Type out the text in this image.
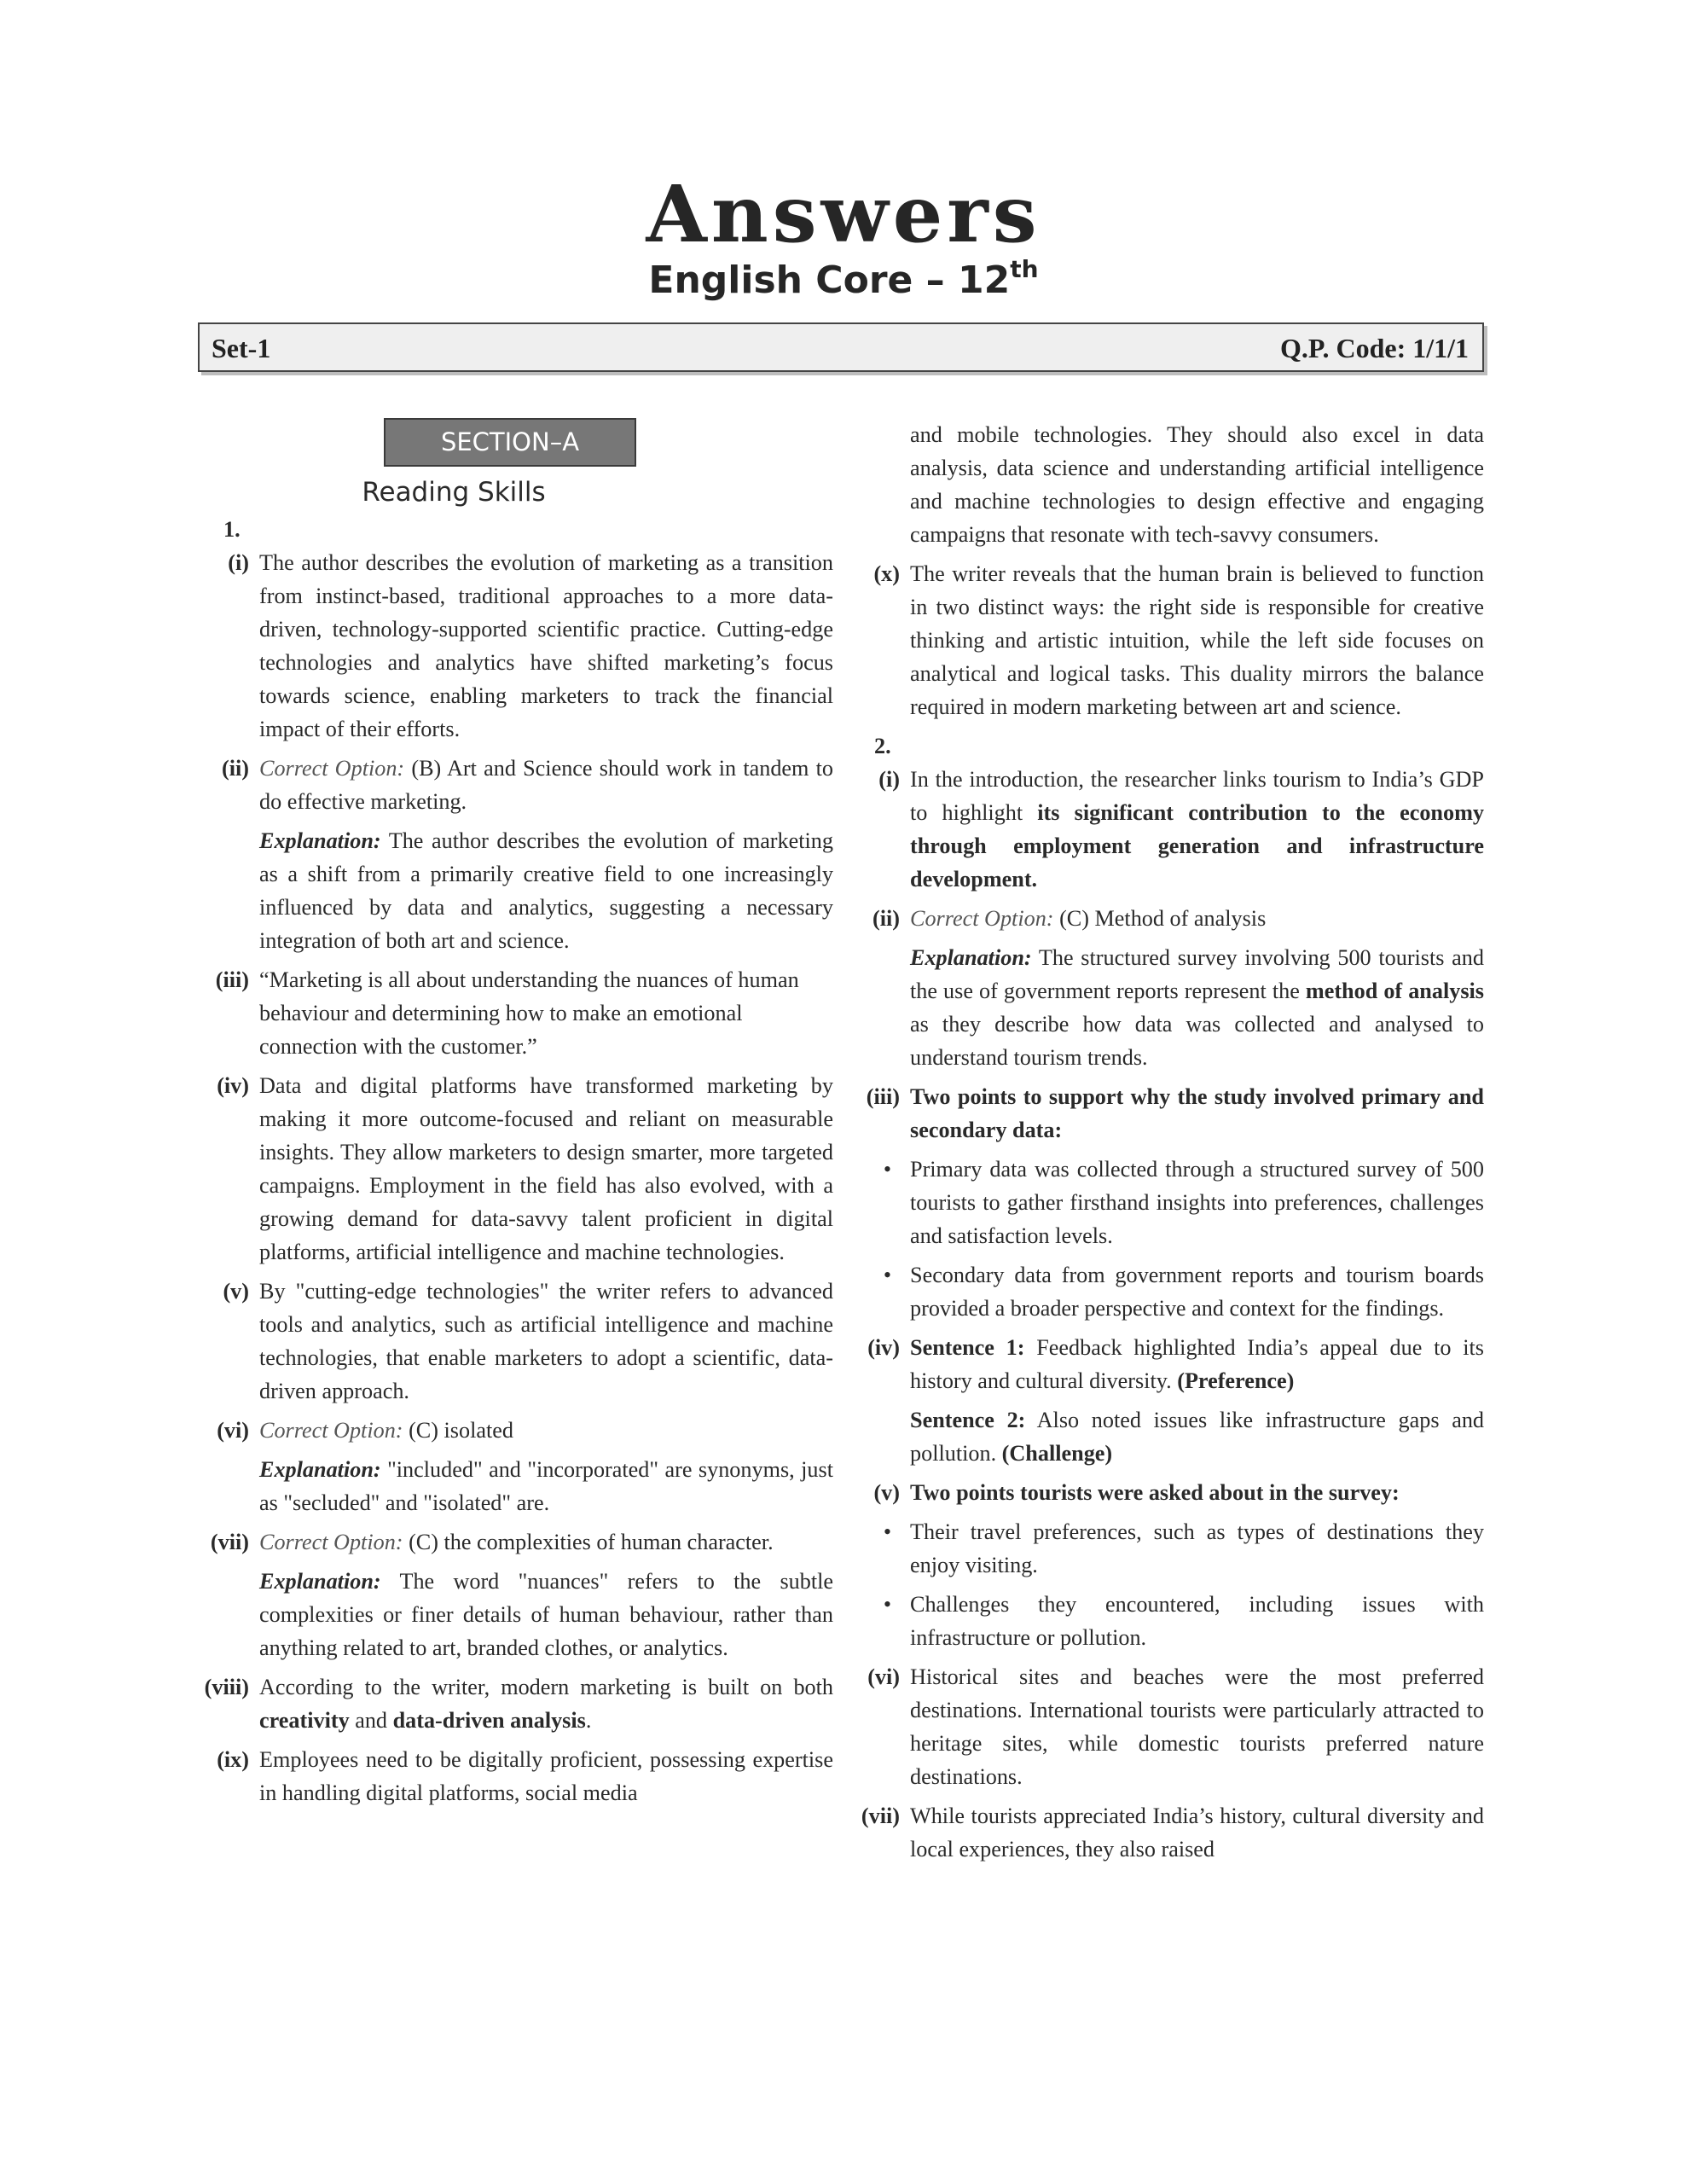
Answers
English Core – 12th
Set-1	Q.P. Code: 1/1/1
SECTION–A
Reading Skills
1.
(i) The author describes the evolution of marketing as a transition from instinct-based, traditional approaches to a more data-driven, technology-supported scientific practice. Cutting-edge technologies and analytics have shifted marketing’s focus towards science, enabling marketers to track the financial impact of their efforts.
(ii) Correct Option: (B) Art and Science should work in tandem to do effective marketing.
Explanation: The author describes the evolution of marketing as a shift from a primarily creative field to one increasingly influenced by data and analytics, suggesting a necessary integration of both art and science.
(iii) “Marketing is all about understanding the nuances of human behaviour and determining how to make an emotional connection with the customer.”
(iv) Data and digital platforms have transformed marketing by making it more outcome-focused and reliant on measurable insights. They allow marketers to design smarter, more targeted campaigns. Employment in the field has also evolved, with a growing demand for data-savvy talent proficient in digital platforms, artificial intelligence and machine technologies.
(v) By "cutting-edge technologies" the writer refers to advanced tools and analytics, such as artificial intelligence and machine technologies, that enable marketers to adopt a scientific, data-driven approach.
(vi) Correct Option: (C) isolated
Explanation: "included" and "incorporated" are synonyms, just as "secluded" and "isolated" are.
(vii) Correct Option: (C) the complexities of human character.
Explanation: The word "nuances" refers to the subtle complexities or finer details of human behaviour, rather than anything related to art, branded clothes, or analytics.
(viii) According to the writer, modern marketing is built on both creativity and data-driven analysis.
(ix) Employees need to be digitally proficient, possessing expertise in handling digital platforms, social media
and mobile technologies. They should also excel in data analysis, data science and understanding artificial intelligence and machine technologies to design effective and engaging campaigns that resonate with tech-savvy consumers.
(x) The writer reveals that the human brain is believed to function in two distinct ways: the right side is responsible for creative thinking and artistic intuition, while the left side focuses on analytical and logical tasks. This duality mirrors the balance required in modern marketing between art and science.
2.
(i) In the introduction, the researcher links tourism to India’s GDP to highlight its significant contribution to the economy through employment generation and infrastructure development.
(ii) Correct Option: (C) Method of analysis
Explanation: The structured survey involving 500 tourists and the use of government reports represent the method of analysis as they describe how data was collected and analysed to understand tourism trends.
(iii) Two points to support why the study involved primary and secondary data:
• Primary data was collected through a structured survey of 500 tourists to gather firsthand insights into preferences, challenges and satisfaction levels.
• Secondary data from government reports and tourism boards provided a broader perspective and context for the findings.
(iv) Sentence 1: Feedback highlighted India’s appeal due to its history and cultural diversity. (Preference)
Sentence 2: Also noted issues like infrastructure gaps and pollution. (Challenge)
(v) Two points tourists were asked about in the survey:
• Their travel preferences, such as types of destinations they enjoy visiting.
• Challenges they encountered, including issues with infrastructure or pollution.
(vi) Historical sites and beaches were the most preferred destinations. International tourists were particularly attracted to heritage sites, while domestic tourists preferred nature destinations.
(vii) While tourists appreciated India’s history, cultural diversity and local experiences, they also raised
